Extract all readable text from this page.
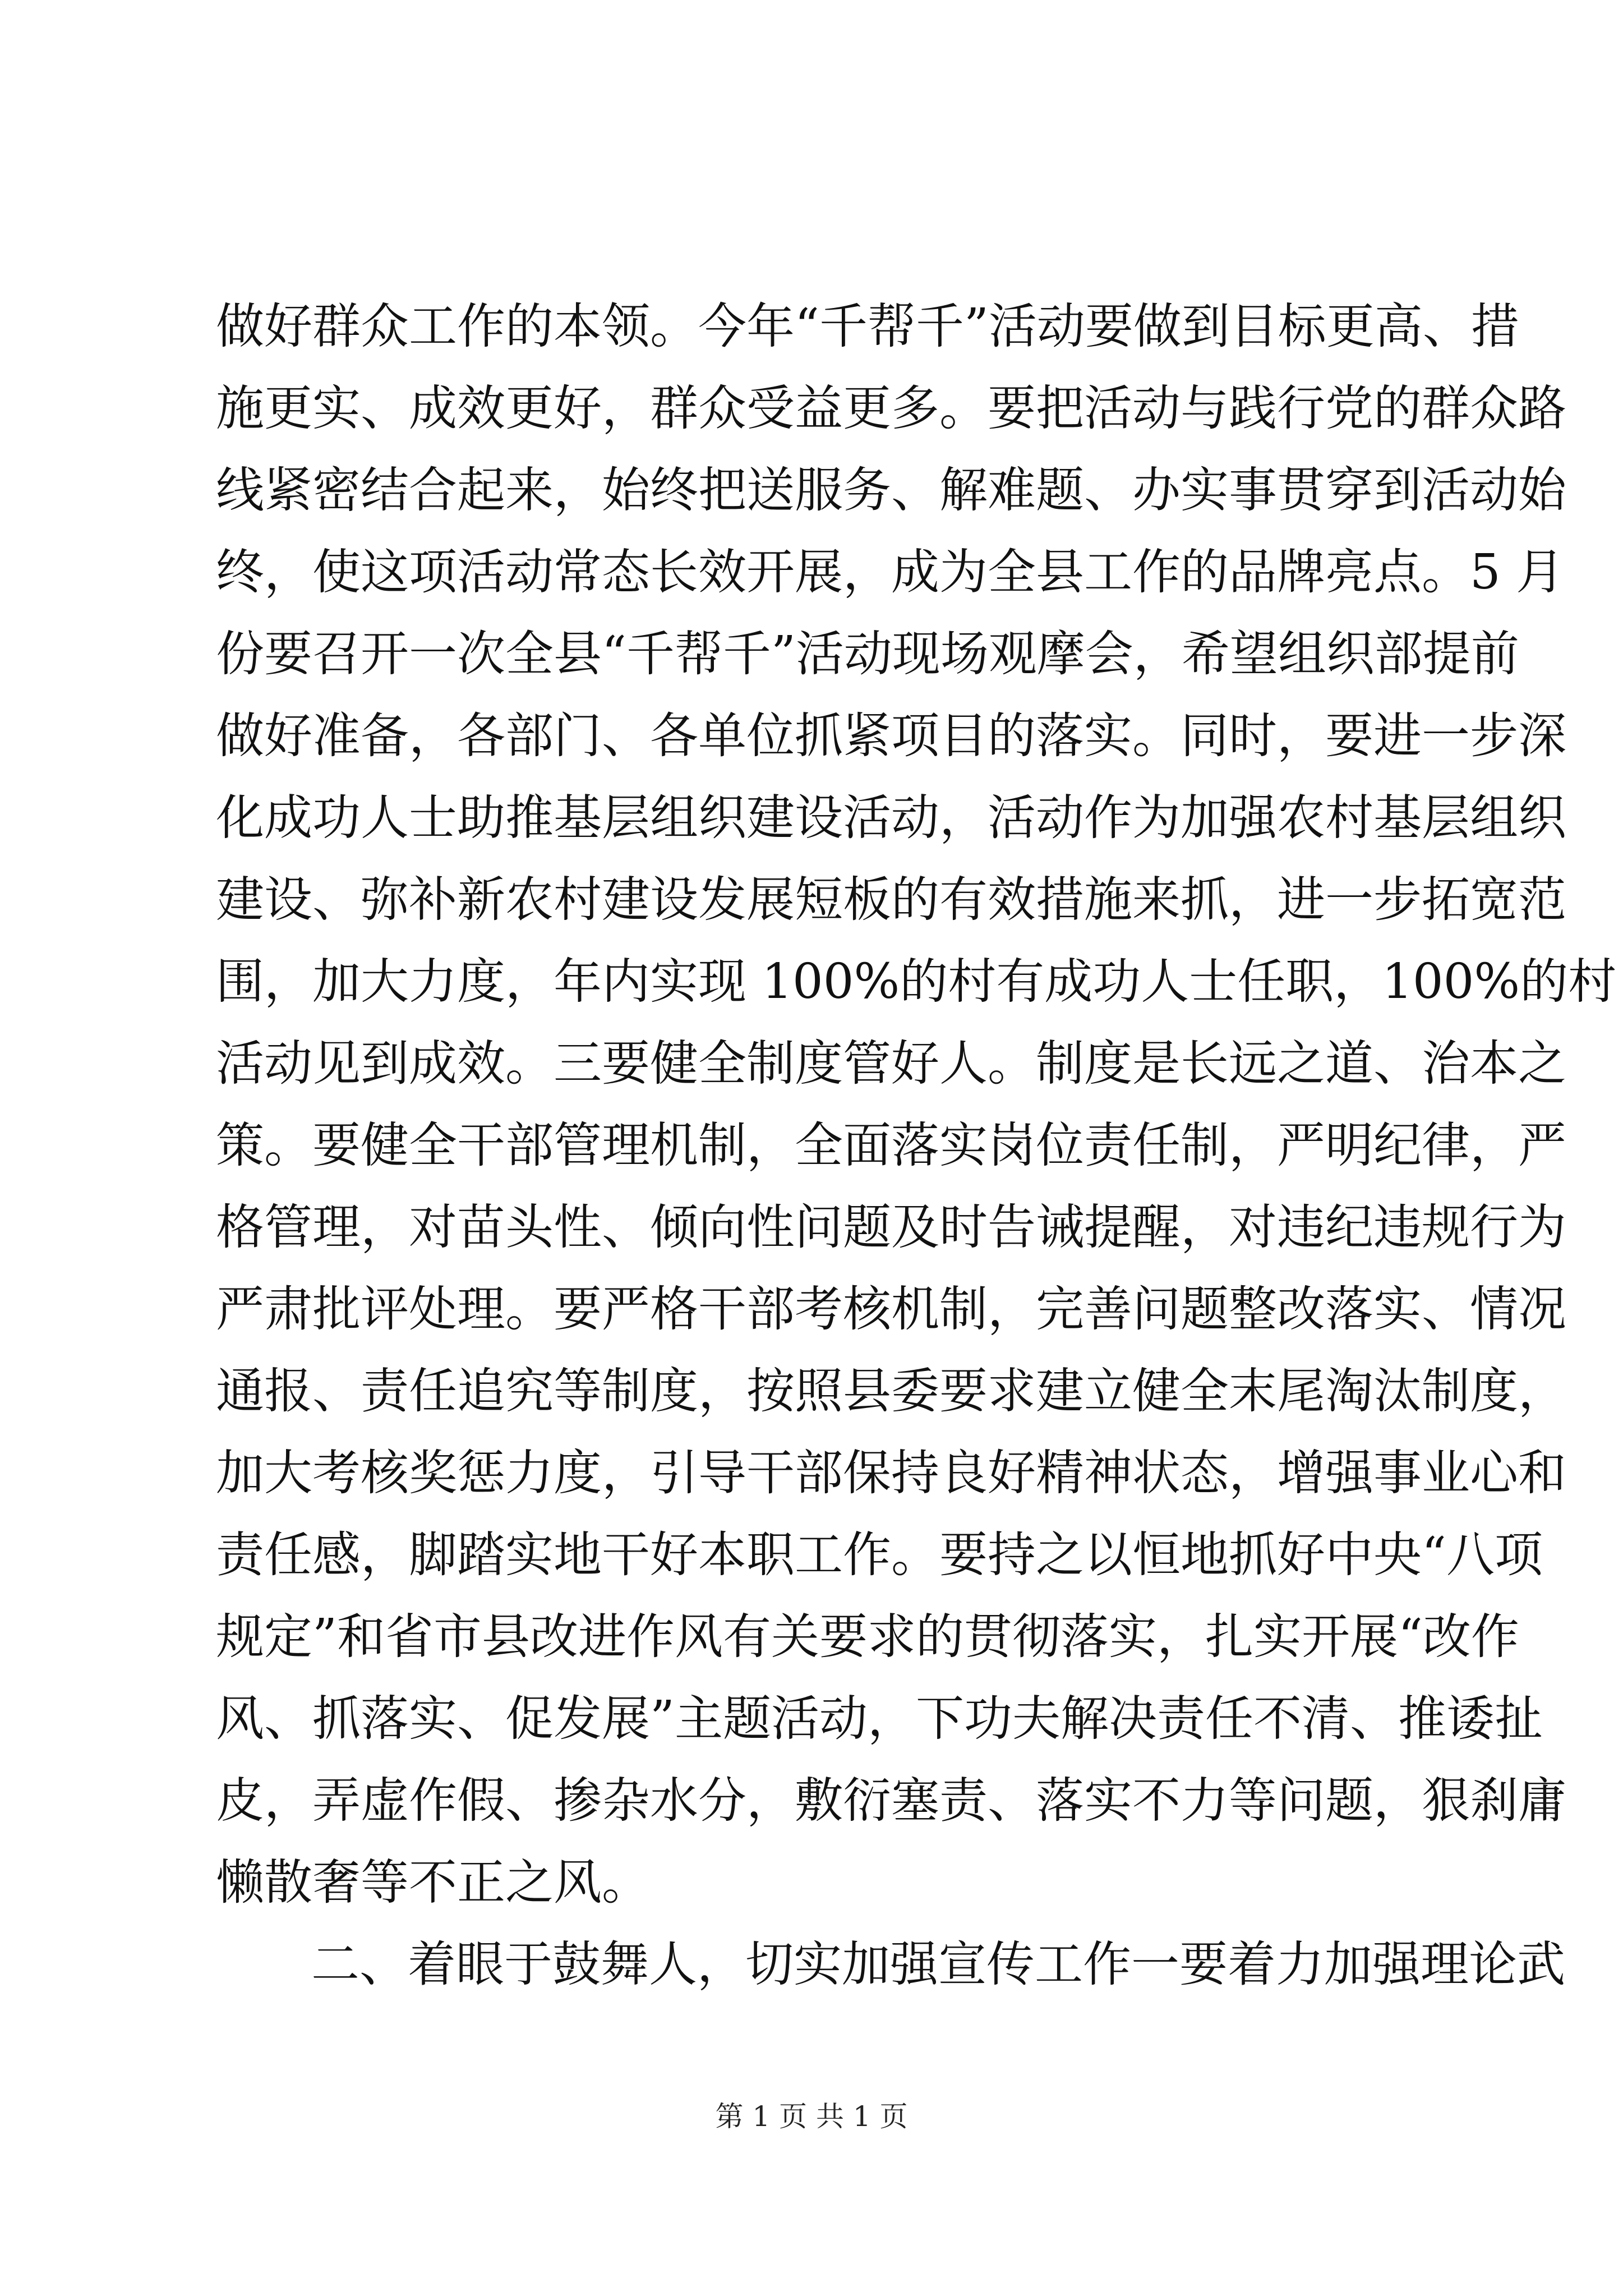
做好群众工作的本领。今年“千帮千”活动要做到目标更高、措
施更实、成效更好，群众受益更多。要把活动与践行党的群众路
线紧密结合起来，始终把送服务、解难题、办实事贯穿到活动始
终，使这项活动常态长效开展，成为全县工作的品牌亮点。5 月
份要召开一次全县“千帮千”活动现场观摩会，希望组织部提前
做好准备，各部门、各单位抓紧项目的落实。同时，要进一步深
化成功人士助推基层组织建设活动，活动作为加强农村基层组织
建设、弥补新农村建设发展短板的有效措施来抓，进一步拓宽范
围，加大力度，年内实现 100%的村有成功人士任职，100%的村
活动见到成效。三要健全制度管好人。制度是长远之道、治本之
策。要健全干部管理机制，全面落实岗位责任制，严明纪律，严
格管理，对苗头性、倾向性问题及时告诫提醒，对违纪违规行为
严肃批评处理。要严格干部考核机制，完善问题整改落实、情况
通报、责任追究等制度，按照县委要求建立健全末尾淘汰制度，
加大考核奖惩力度，引导干部保持良好精神状态，增强事业心和
责任感，脚踏实地干好本职工作。要持之以恒地抓好中央“八项
规定”和省市县改进作风有关要求的贯彻落实，扎实开展“改作
风、抓落实、促发展”主题活动，下功夫解决责任不清、推诿扯
皮，弄虚作假、掺杂水分，敷衍塞责、落实不力等问题，狠刹庸
懒散奢等不正之风。
二、着眼于鼓舞人，切实加强宣传工作一要着力加强理论武
第 1 页 共 1 页
